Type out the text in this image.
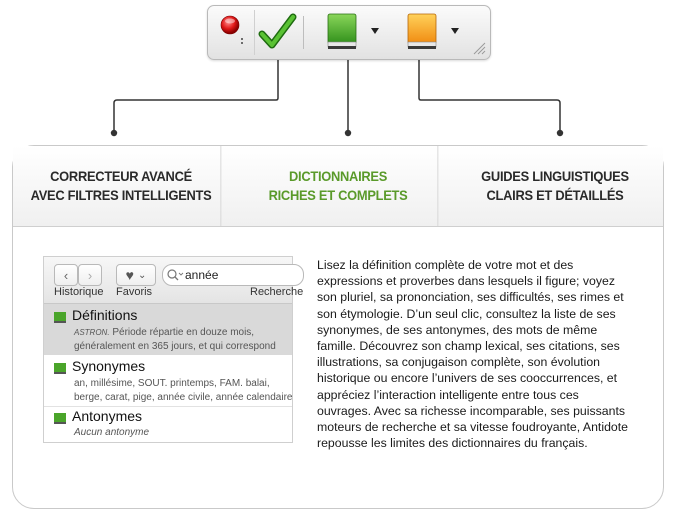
CORRECTEUR AVANCÉ
AVEC FILTRES INTELLIGENTS
DICTIONNAIRES
RICHES ET COMPLETS
GUIDES LINGUISTIQUES
CLAIRS ET DÉTAILLÉS
‹ › ♥ ⌄	année
Historique Favoris	Recherche
Définitions
ASTRON. Période répartie en douze mois,
généralement en 365 jours, et qui correspond
Synonymes
an, millésime, SOUT. printemps, FAM. balai,
berge, carat, pige, année civile, année calendaire
Antonymes
Aucun antonyme
Lisez la définition complète de votre mot et des expressions et proverbes dans lesquels il figure; voyez son pluriel, sa prononciation, ses difficultés, ses rimes et son étymologie. D’un seul clic, consultez la liste de ses synonymes, de ses antonymes, des mots de même famille. Découvrez son champ lexical, ses citations, ses illustrations, sa conjugaison complète, son évolution historique ou encore l’univers de ses cooccurrences, et appréciez l’interaction intelligente entre tous ces ouvrages. Avec sa richesse incomparable, ses puissants moteurs de recherche et sa vitesse foudroyante, Antidote repousse les limites des dictionnaires du français.
